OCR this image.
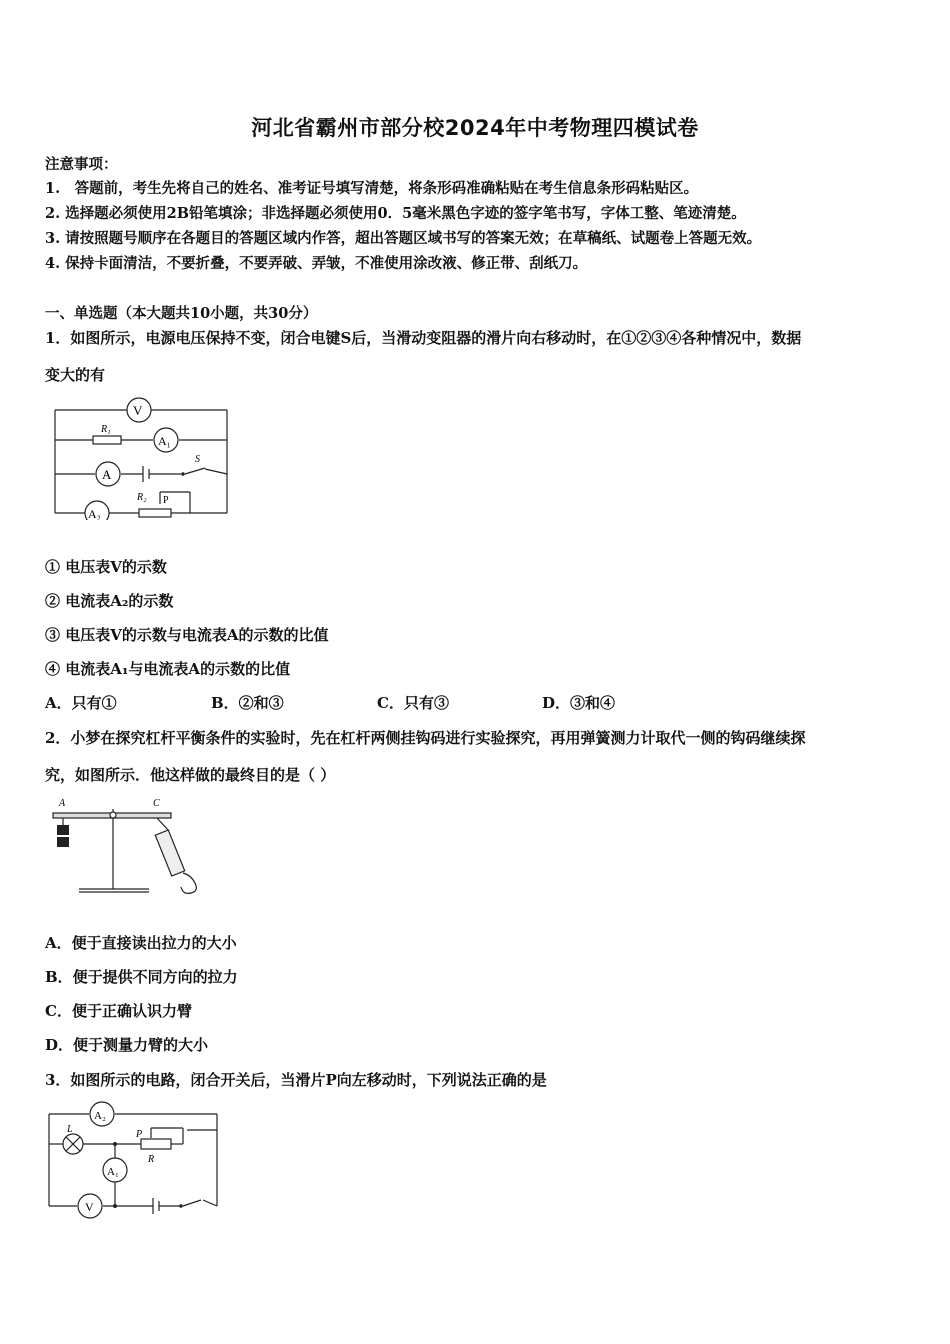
河北省霸州市部分校2024年中考物理四模试卷
注意事项：
1.　答题前，考生先将自己的姓名、准考证号填写清楚，将条形码准确粘贴在考生信息条形码粘贴区。
2. 选择题必须使用2B铅笔填涂；非选择题必须使用0．5毫米黑色字迹的签字笔书写，字体工整、笔迹清楚。
3. 请按照题号顺序在各题目的答题区域内作答，超出答题区域书写的答案无效；在草稿纸、试题卷上答题无效。
4. 保持卡面清洁，不要折叠，不要弄破、弄皱，不准使用涂改液、修正带、刮纸刀。
一、单选题（本大题共10小题，共30分）
1．如图所示，电源电压保持不变，闭合电键S后，当滑动变阻器的滑片向右移动时，在①②③④各种情况中，数据
变大的有
V
R₁
A₁
A
S
A₂
R₂ P
① 电压表V的示数
② 电流表A₂的示数
③ 电压表V的示数与电流表A的示数的比值
④ 电流表A₁与电流表A的示数的比值
A．只有①	B．②和③	C．只有③	D．③和④
2．小梦在探究杠杆平衡条件的实验时，先在杠杆两侧挂钩码进行实验探究，再用弹簧测力计取代一侧的钩码继续探
究，如图所示．他这样做的最终目的是（ ）
A	C
A．便于直接读出拉力的大小
B．便于提供不同方向的拉力
C．便于正确认识力臂
D．便于测量力臂的大小
3．如图所示的电路，闭合开关后，当滑片P向左移动时，下列说法正确的是
A₂
L	P
R
A₁
V
